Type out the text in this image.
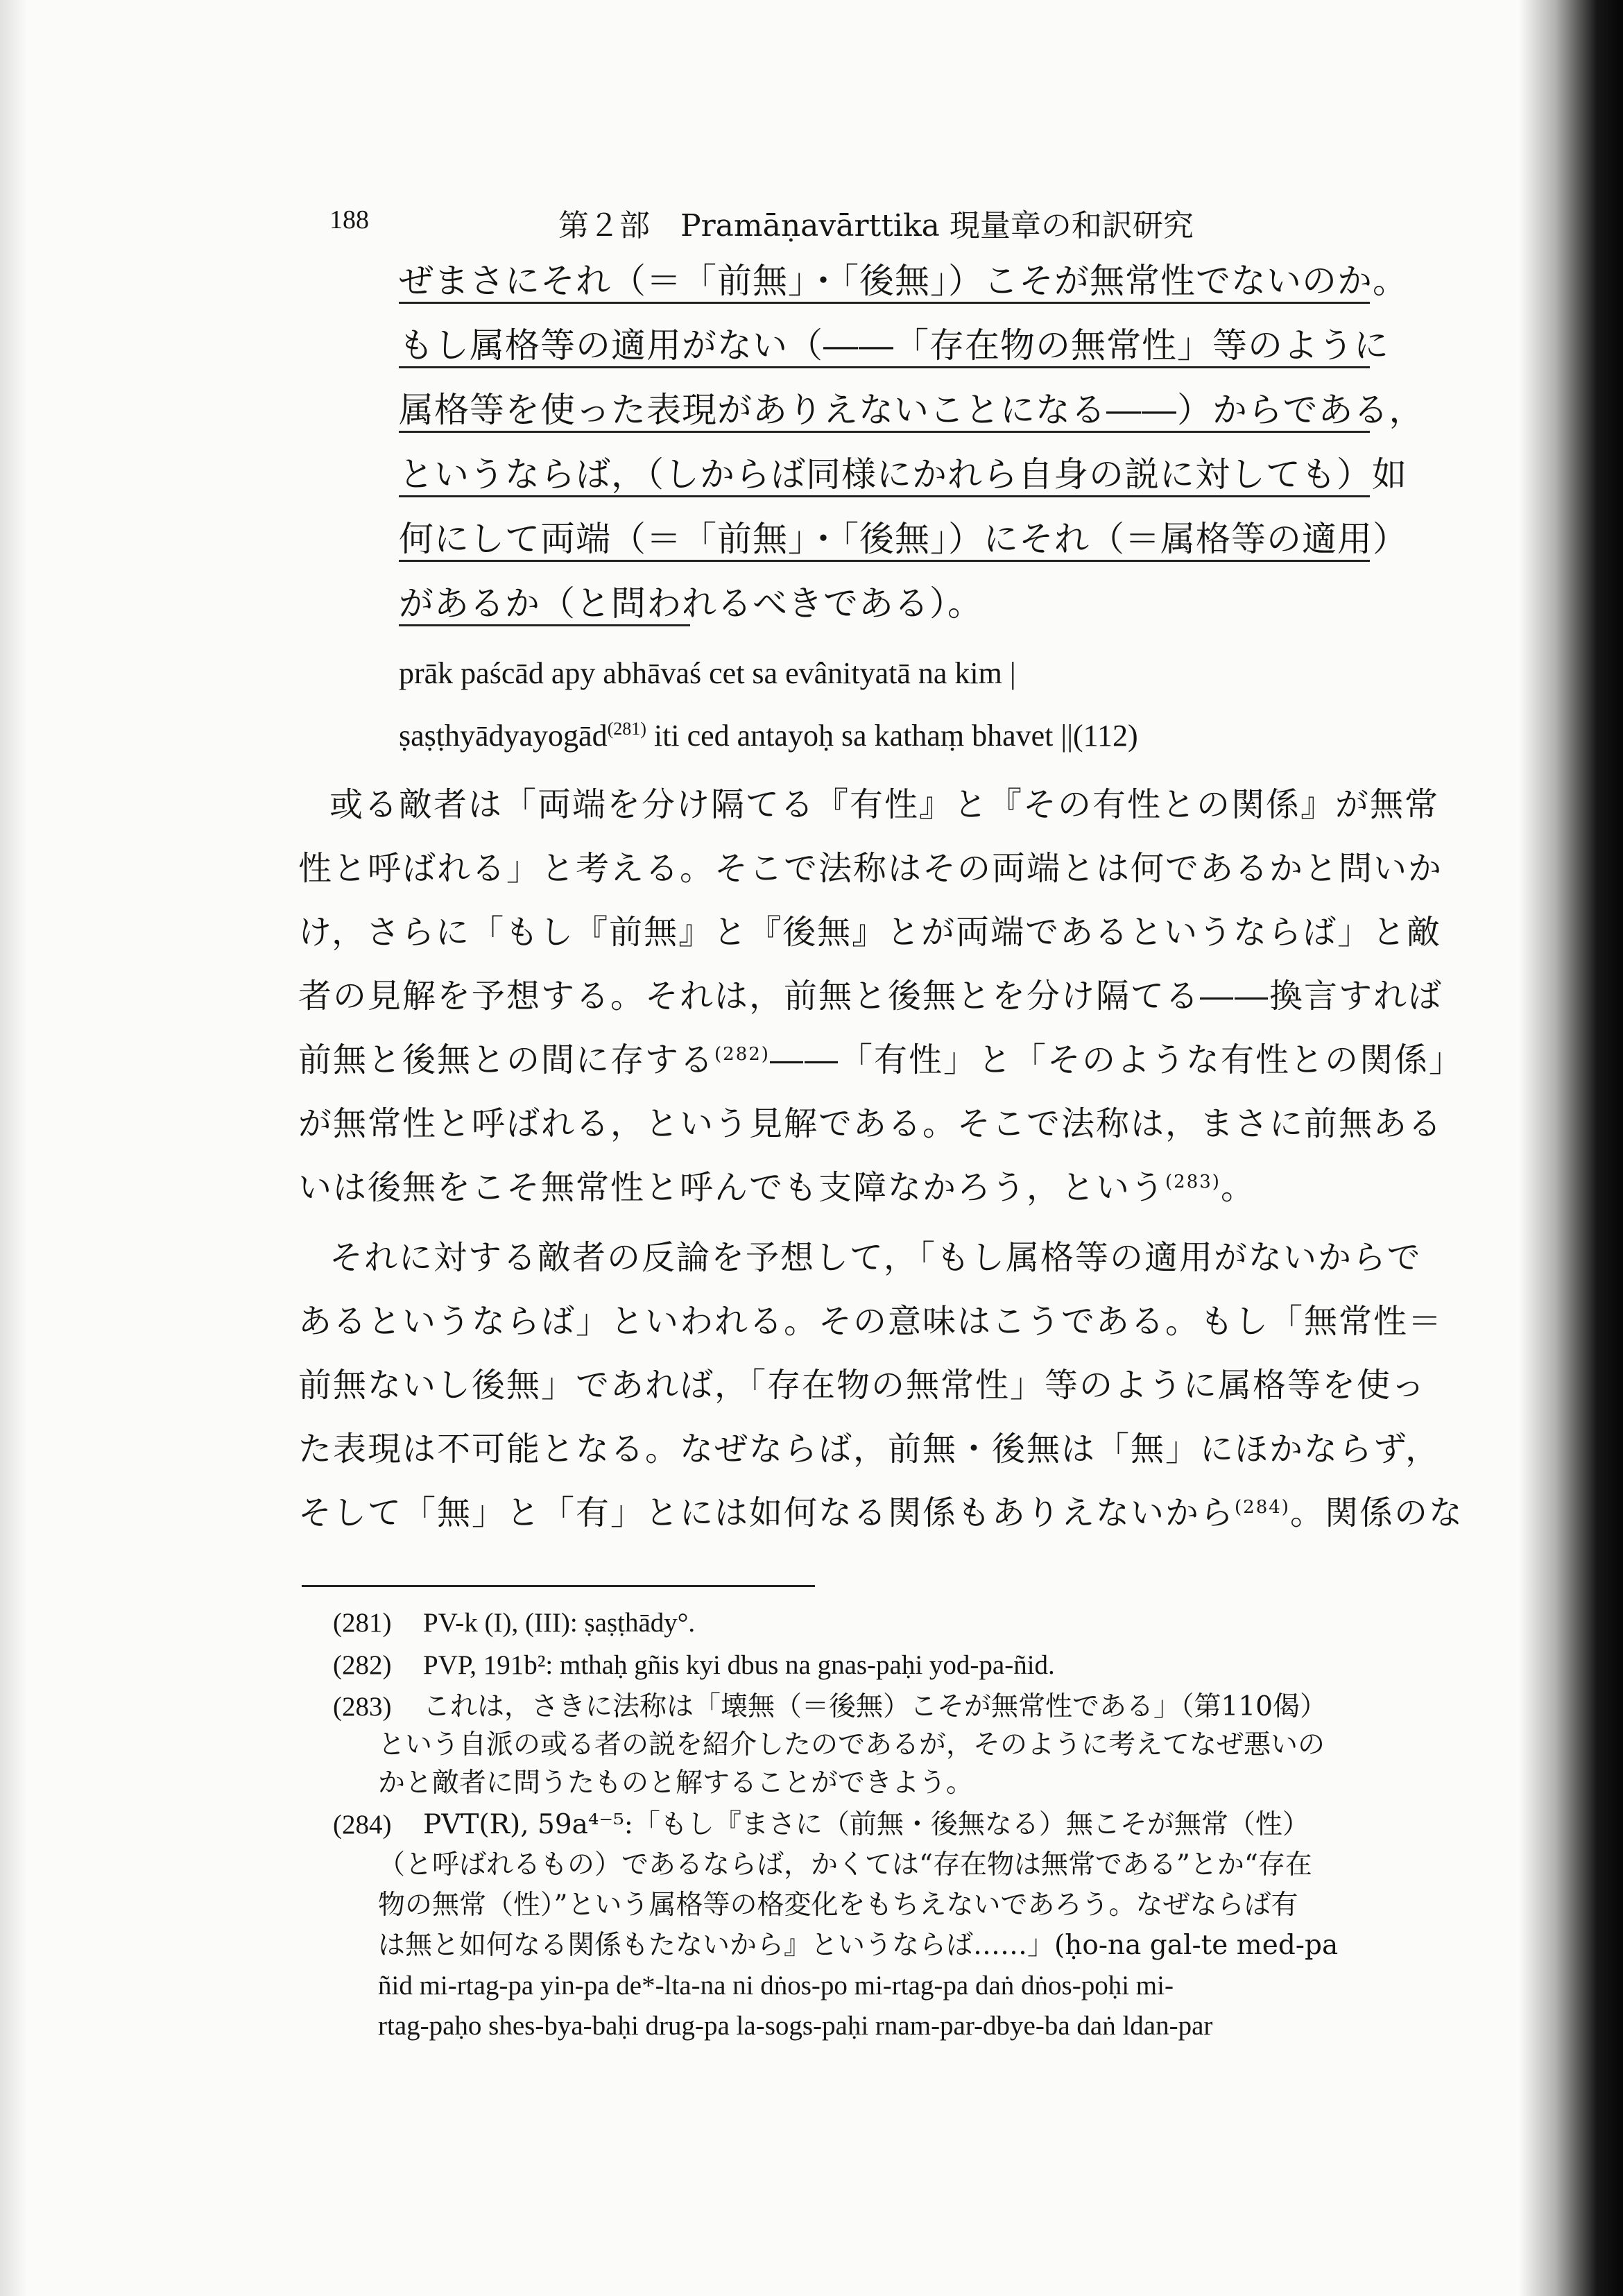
188	第２部　Pramāṇavārttika 現量章の和訳研究
ぜまさにそれ（＝「前無」・「後無」）こそが無常性でないのか。
もし属格等の適用がない（――「存在物の無常性」等のように
属格等を使った表現がありえないことになる――）からである，
というならば，（しからば同様にかれら自身の説に対しても）如
何にして両端（＝「前無」・「後無」）にそれ（＝属格等の適用）
があるか（と問われるべきである）。
prāk paścād apy abhāvaś cet sa evânityatā na kim |
ṣaṣṭhyādyayogād$^{(281)}$ iti ced antayoḥ sa kathaṃ bhavet ||(112)
或る敵者は「両端を分け隔てる『有性』と『その有性との関係』が無常
性と呼ばれる」と考える。そこで法称はその両端とは何であるかと問いか
け，さらに「もし『前無』と『後無』とが両端であるというならば」と敵
者の見解を予想する。それは，前無と後無とを分け隔てる――換言すれば
前無と後無との間に存する$^{(282)}$――「有性」と「そのような有性との関係」
が無常性と呼ばれる，という見解である。そこで法称は，まさに前無ある
いは後無をこそ無常性と呼んでも支障なかろう，という$^{(283)}$。
それに対する敵者の反論を予想して，「もし属格等の適用がないからで
あるというならば」といわれる。その意味はこうである。もし「無常性＝
前無ないし後無」であれば，「存在物の無常性」等のように属格等を使っ
た表現は不可能となる。なぜならば，前無・後無は「無」にほかならず，
そして「無」と「有」とには如何なる関係もありえないから$^{(284)}$。関係のな
(281) PV-k (I), (III): ṣaṣṭhādy°.
(282) PVP, 191b²: mthaḥ gñis kyi dbus na gnas-paḥi yod-pa-ñid.
(283) これは，さきに法称は「壊無（＝後無）こそが無常性である」（第110偈）
という自派の或る者の説を紹介したのであるが，そのように考えてなぜ悪いの
かと敵者に問うたものと解することができよう。
(284) PVT(R), 59a⁴⁻⁵:「もし『まさに（前無・後無なる）無こそが無常（性）
（と呼ばれるもの）であるならば，かくては“存在物は無常である”とか“存在
物の無常（性）”という属格等の格変化をもちえないであろう。なぜならば有
は無と如何なる関係もたないから』というならば……」(ḥo-na gal-te med-pa
ñid mi-rtag-pa yin-pa de*-lta-na ni dṅos-po mi-rtag-pa daṅ dṅos-poḥi mi-
rtag-paḥo shes-bya-baḥi drug-pa la-sogs-paḥi rnam-par-dbye-ba daṅ ldan-par
